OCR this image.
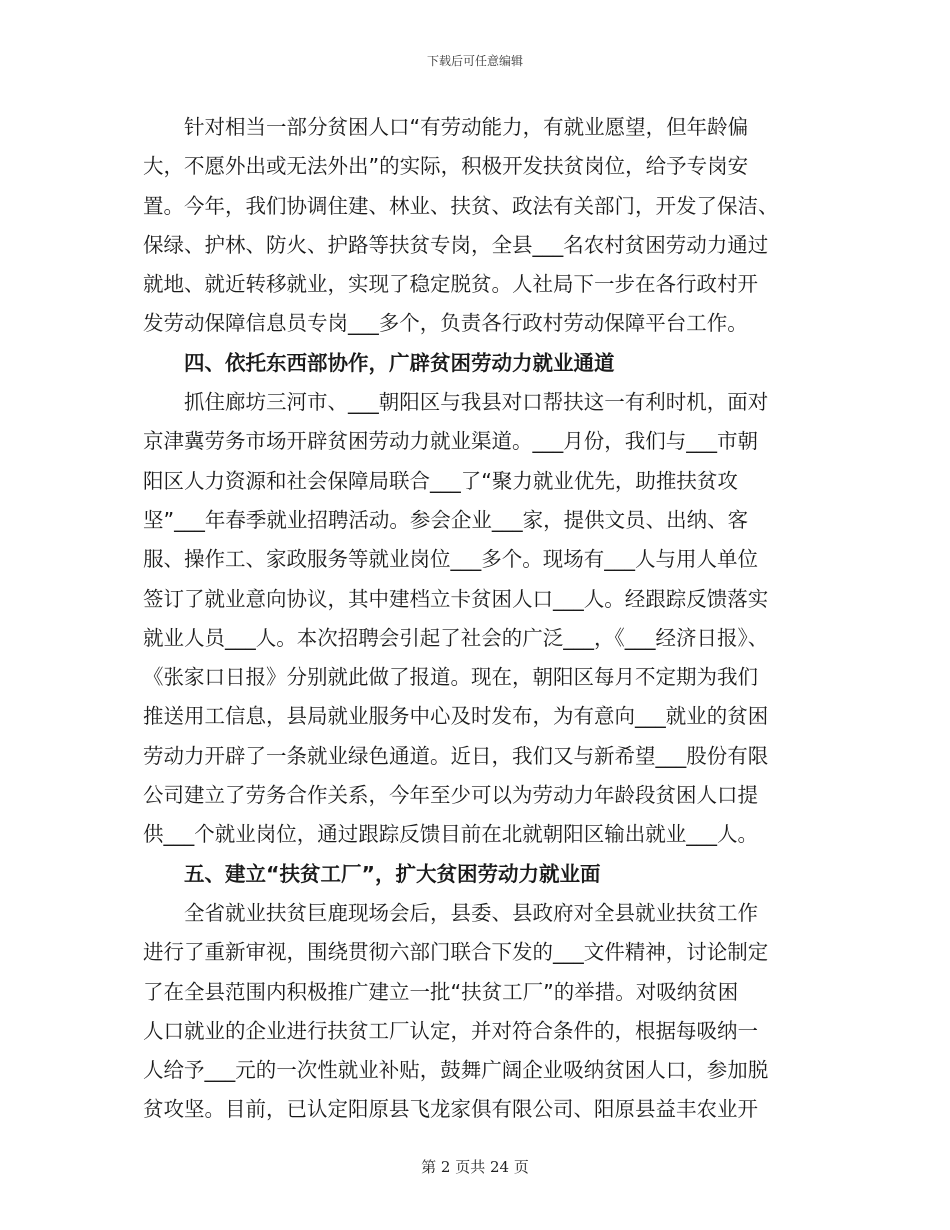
下载后可任意编辑
　　针对相当一部分贫困人口“有劳动能力，有就业愿望，但年龄偏
大，不愿外出或无法外出”的实际，积极开发扶贫岗位，给予专岗安
置。今年，我们协调住建、林业、扶贫、政法有关部门，开发了保洁、
保绿、护林、防火、护路等扶贫专岗，全县___名农村贫困劳动力通过
就地、就近转移就业，实现了稳定脱贫。人社局下一步在各行政村开
发劳动保障信息员专岗___多个，负责各行政村劳动保障平台工作。
　　四、依托东西部协作，广辟贫困劳动力就业通道
　　抓住廊坊三河市、___朝阳区与我县对口帮扶这一有利时机，面对
京津冀劳务市场开辟贫困劳动力就业渠道。___月份，我们与___市朝
阳区人力资源和社会保障局联合___了“聚力就业优先，助推扶贫攻
坚”___年春季就业招聘活动。参会企业___家，提供文员、出纳、客
服、操作工、家政服务等就业岗位___多个。现场有___人与用人单位
签订了就业意向协议，其中建档立卡贫困人口___人。经跟踪反馈落实
就业人员___人。本次招聘会引起了社会的广泛___，《___经济日报》、
《张家口日报》分别就此做了报道。现在，朝阳区每月不定期为我们
推送用工信息，县局就业服务中心及时发布，为有意向___就业的贫困
劳动力开辟了一条就业绿色通道。近日，我们又与新希望___股份有限
公司建立了劳务合作关系，今年至少可以为劳动力年龄段贫困人口提
供___个就业岗位，通过跟踪反馈目前在北就朝阳区输出就业___人。
　　五、建立“扶贫工厂”，扩大贫困劳动力就业面
　　全省就业扶贫巨鹿现场会后，县委、县政府对全县就业扶贫工作
进行了重新审视，围绕贯彻六部门联合下发的___文件精神，讨论制定
了在全县范围内积极推广建立一批“扶贫工厂”的举措。对吸纳贫困
人口就业的企业进行扶贫工厂认定，并对符合条件的，根据每吸纳一
人给予___元的一次性就业补贴，鼓舞广阔企业吸纳贫困人口，参加脱
贫攻坚。目前，已认定阳原县飞龙家俱有限公司、阳原县益丰农业开
第 2 页共 24 页
